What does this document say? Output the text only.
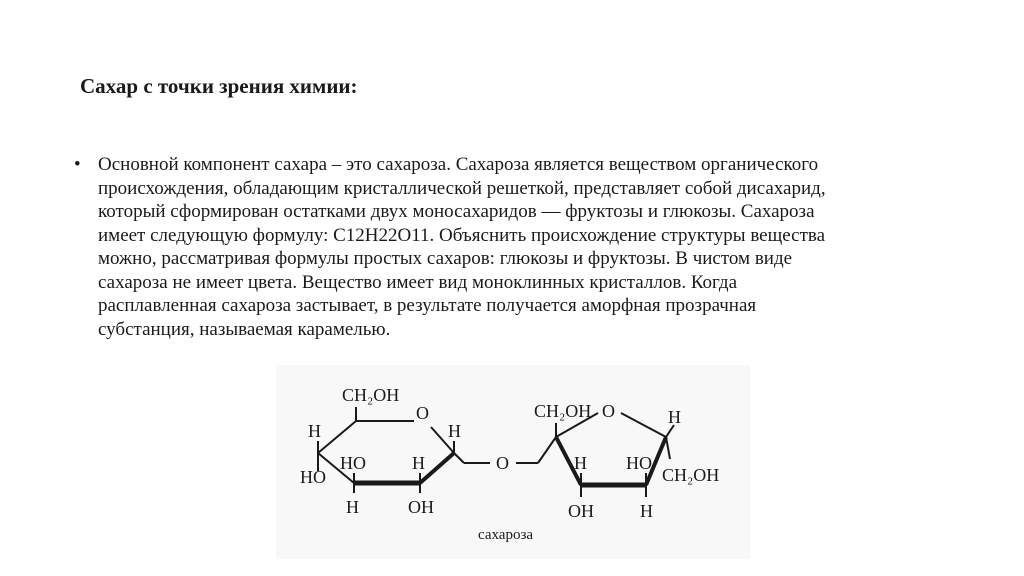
Сахар с точки зрения химии:
• Основной компонент сахара – это сахароза. Сахароза является веществом органического
происхождения, обладающим кристаллической решеткой, представляет собой дисахарид,
который сформирован остатками двух моносахаридов — фруктозы и глюкозы. Сахароза
имеет следующую формулу: C12H22O11. Объяснить происхождение структуры вещества
можно, рассматривая формулы простых сахаров: глюкозы и фруктозы. В чистом виде
сахароза не имеет цвета. Вещество имеет вид моноклинных кристаллов. Когда
расплавленная сахароза застывает, в результате получается аморфная прозрачная
субстанция, называемая карамелью.

CH₂OH
O
H	H
HO
HO	H
H	OH
O
CH₂OH O	H
H HO
CH₂OH
OH	H
сахароза
